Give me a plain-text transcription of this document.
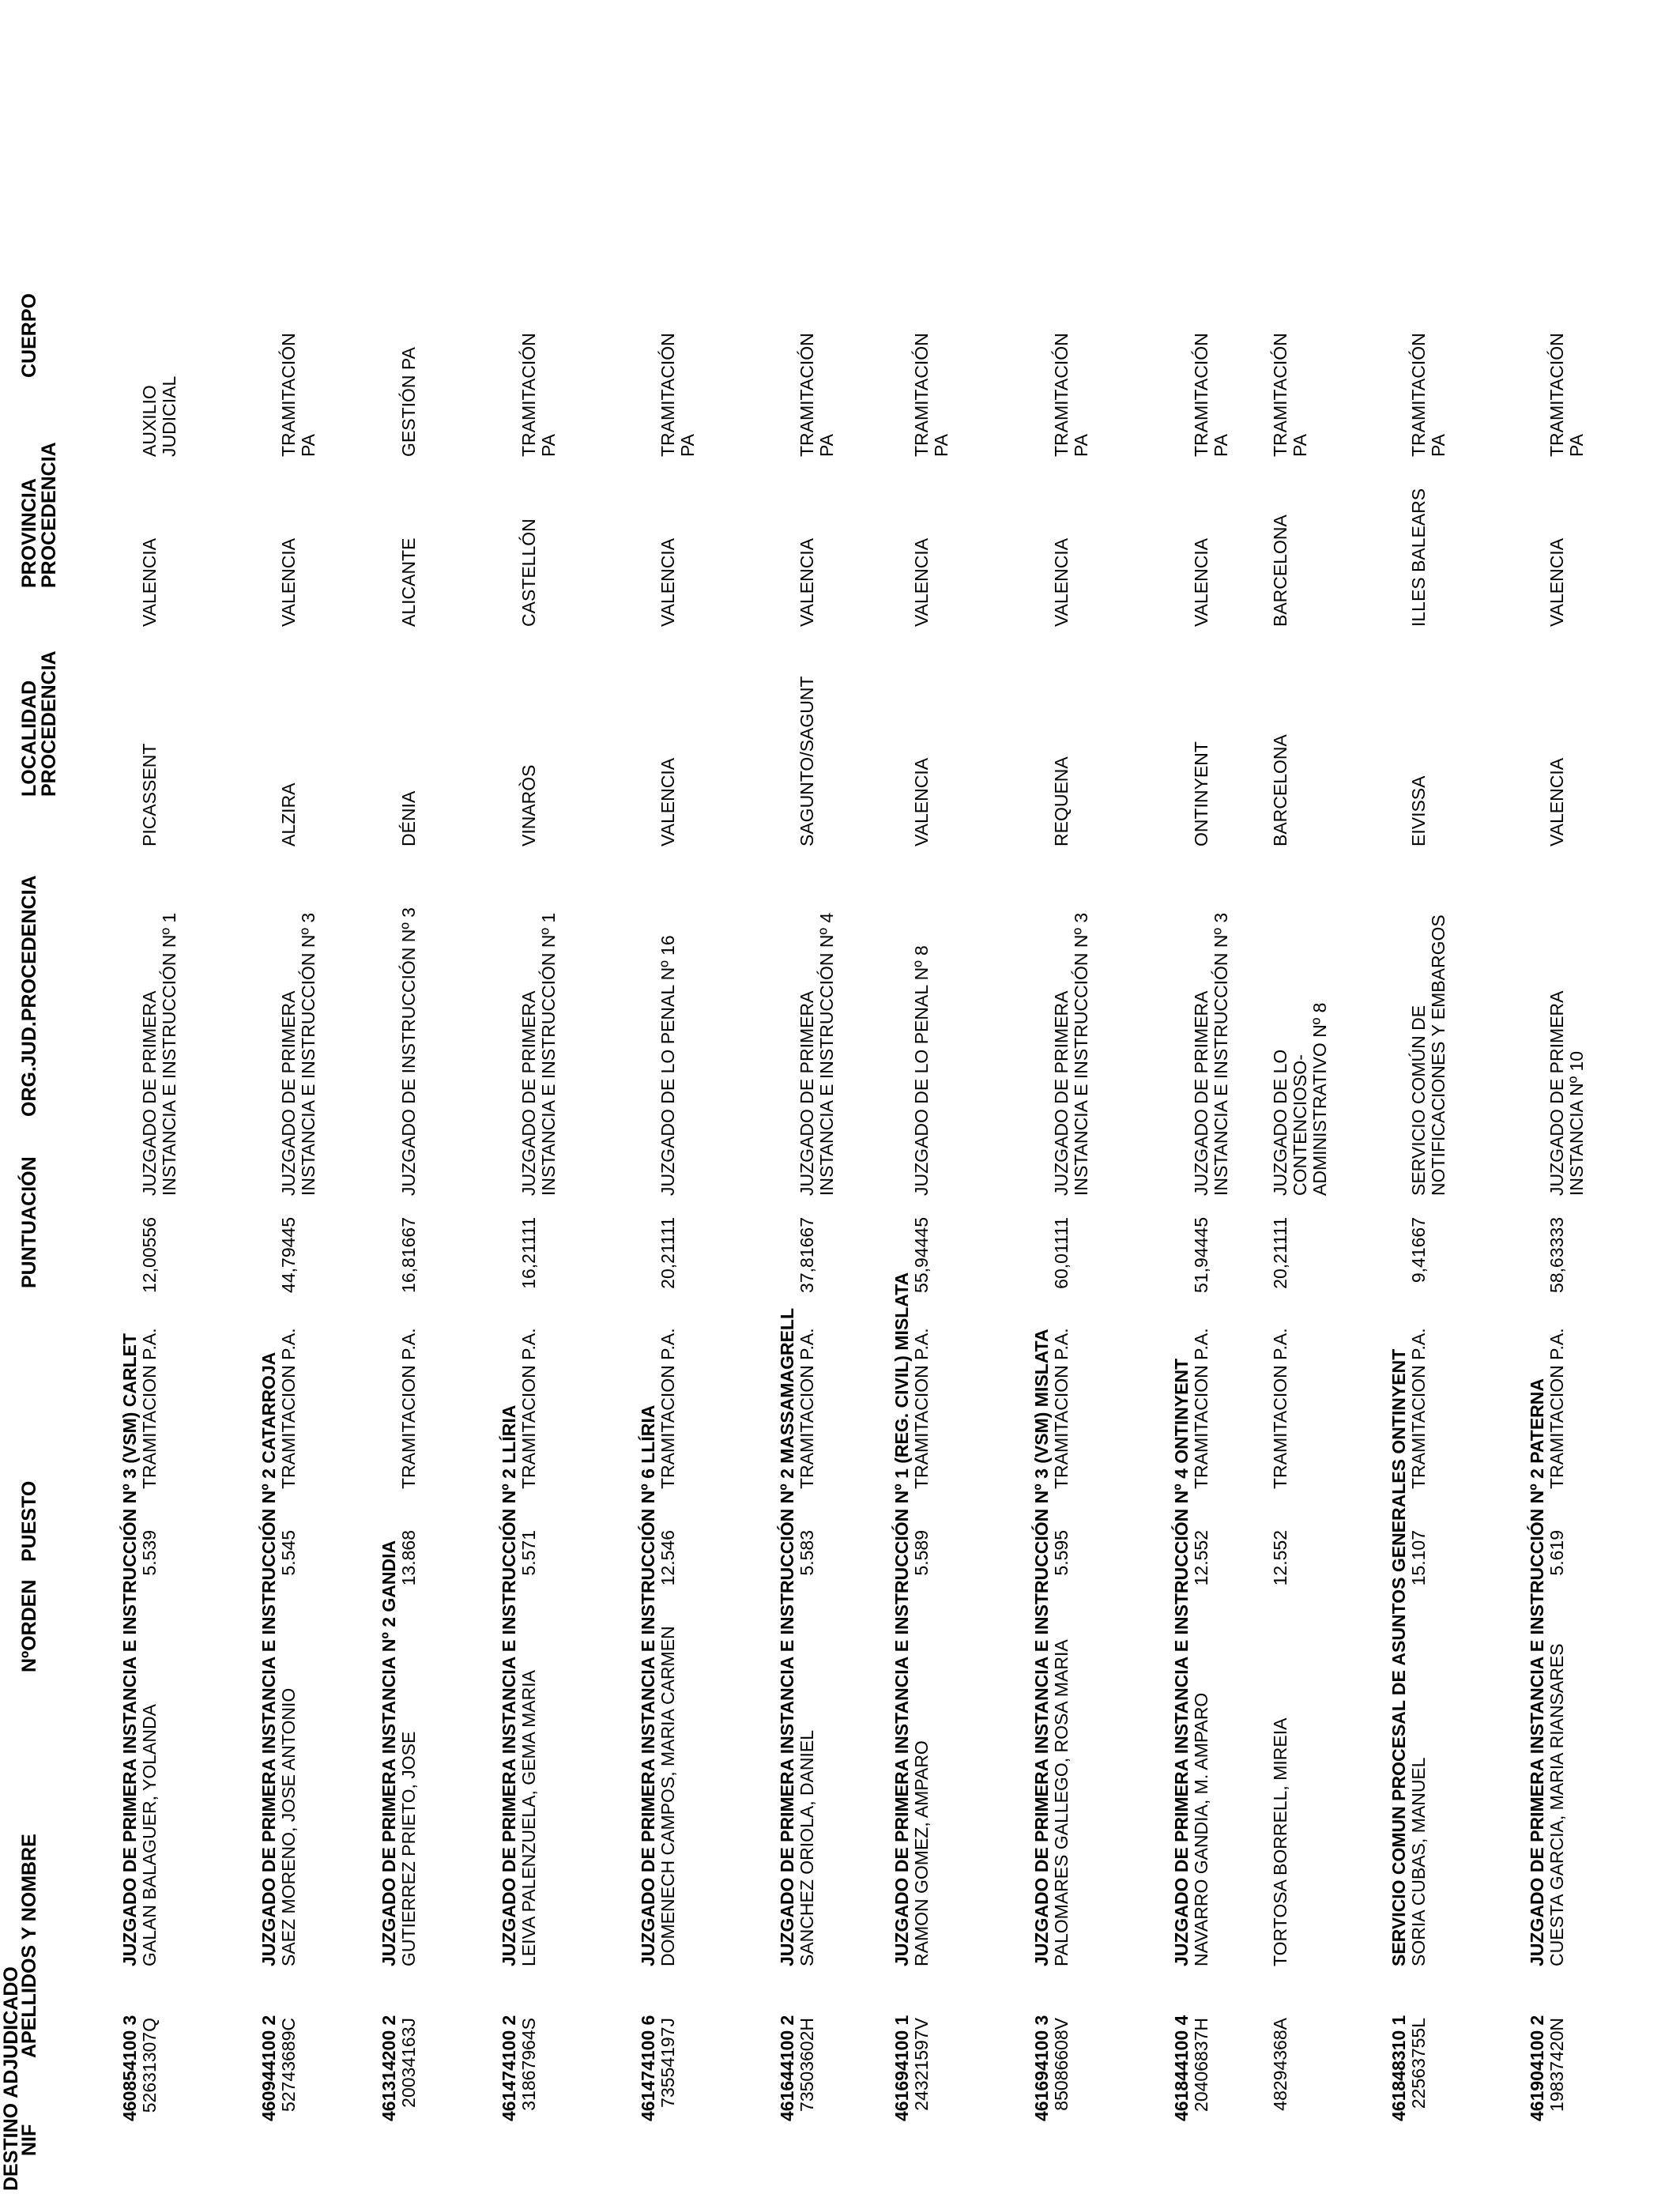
DESTINO ADJUDICADO
NIF
APELLIDOS Y NOMBRE
NºORDEN
PUESTO
PUNTUACIÓN
ORG.JUD.PROCEDENCIA
LOCALIDAD
PROCEDENCIA
PROVINCIA
PROCEDENCIA
CUERPO
460854100 3
JUZGADO DE PRIMERA INSTANCIA E INSTRUCCIÓN Nº 3 (VSM) CARLET
52631307Q
GALAN BALAGUER, YOLANDA
5.539
TRAMITACION P.A.
12,00556
JUZGADO DE PRIMERA INSTANCIA E INSTRUCCIÓN Nº 1
PICASSENT
VALENCIA
AUXILIO JUDICIAL
460944100 2
JUZGADO DE PRIMERA INSTANCIA E INSTRUCCIÓN Nº 2 CATARROJA
52743689C
SAEZ MORENO, JOSE ANTONIO
5.545
TRAMITACION P.A.
44,79445
JUZGADO DE PRIMERA INSTANCIA E INSTRUCCIÓN Nº 3
ALZIRA
VALENCIA
TRAMITACIÓN PA
461314200 2
JUZGADO DE PRIMERA INSTANCIA Nº 2 GANDIA
20034163J
GUTIERREZ PRIETO, JOSE
13.868
TRAMITACION P.A.
16,81667
JUZGADO DE INSTRUCCIÓN Nº 3
DÉNIA
ALICANTE
GESTIÓN PA
461474100 2
JUZGADO DE PRIMERA INSTANCIA E INSTRUCCIÓN Nº 2 LLÍRIA
31867964S
LEIVA PALENZUELA, GEMA MARIA
5.571
TRAMITACION P.A.
16,21111
JUZGADO DE PRIMERA INSTANCIA E INSTRUCCIÓN Nº 1
VINARÒS
CASTELLÓN
TRAMITACIÓN PA
461474100 6
JUZGADO DE PRIMERA INSTANCIA E INSTRUCCIÓN Nº 6 LLÍRIA
73554197J
DOMENECH CAMPOS, MARIA CARMEN
12.546
TRAMITACION P.A.
20,21111
JUZGADO DE LO PENAL Nº 16
VALENCIA
VALENCIA
TRAMITACIÓN PA
461644100 2
JUZGADO DE PRIMERA INSTANCIA E INSTRUCCIÓN Nº 2 MASSAMAGRELL
73503602H
SANCHEZ ORIOLA, DANIEL
5.583
TRAMITACION P.A.
37,81667
JUZGADO DE PRIMERA INSTANCIA E INSTRUCCIÓN Nº 4
SAGUNTO/SAGUNT
VALENCIA
TRAMITACIÓN PA
461694100 1
JUZGADO DE PRIMERA INSTANCIA E INSTRUCCIÓN Nº 1 (REG. CIVIL) MISLATA
24321597V
RAMON GOMEZ, AMPARO
5.589
TRAMITACION P.A.
55,94445
JUZGADO DE LO PENAL Nº 8
VALENCIA
VALENCIA
TRAMITACIÓN PA
461694100 3
JUZGADO DE PRIMERA INSTANCIA E INSTRUCCIÓN Nº 3 (VSM) MISLATA
85086608V
PALOMARES GALLEGO, ROSA MARIA
5.595
TRAMITACION P.A.
60,01111
JUZGADO DE PRIMERA INSTANCIA E INSTRUCCIÓN Nº 3
REQUENA
VALENCIA
TRAMITACIÓN PA
461844100 4
JUZGADO DE PRIMERA INSTANCIA E INSTRUCCIÓN Nº 4 ONTINYENT
20406837H
NAVARRO GANDIA, M. AMPARO
12.552
TRAMITACION P.A.
51,94445
JUZGADO DE PRIMERA INSTANCIA E INSTRUCCIÓN Nº 3
ONTINYENT
VALENCIA
TRAMITACIÓN PA
48294368A
TORTOSA BORRELL, MIREIA
12.552
TRAMITACION P.A.
20,21111
JUZGADO DE LO CONTENCIOSO- ADMINISTRATIVO Nº 8
BARCELONA
BARCELONA
TRAMITACIÓN PA
461848310 1
SERVICIO COMUN PROCESAL DE ASUNTOS GENERALES ONTINYENT
22563755L
SORIA CUBAS, MANUEL
15.107
TRAMITACION P.A.
9,41667
SERVICIO COMÚN DE NOTIFICACIONES Y EMBARGOS
EIVISSA
ILLES BALEARS
TRAMITACIÓN PA
461904100 2
JUZGADO DE PRIMERA INSTANCIA E INSTRUCCIÓN Nº 2 PATERNA
19837420N
CUESTA GARCIA, MARIA RIANSARES
5.619
TRAMITACION P.A.
58,63333
JUZGADO DE PRIMERA INSTANCIA Nº 10
VALENCIA
VALENCIA
TRAMITACIÓN PA
